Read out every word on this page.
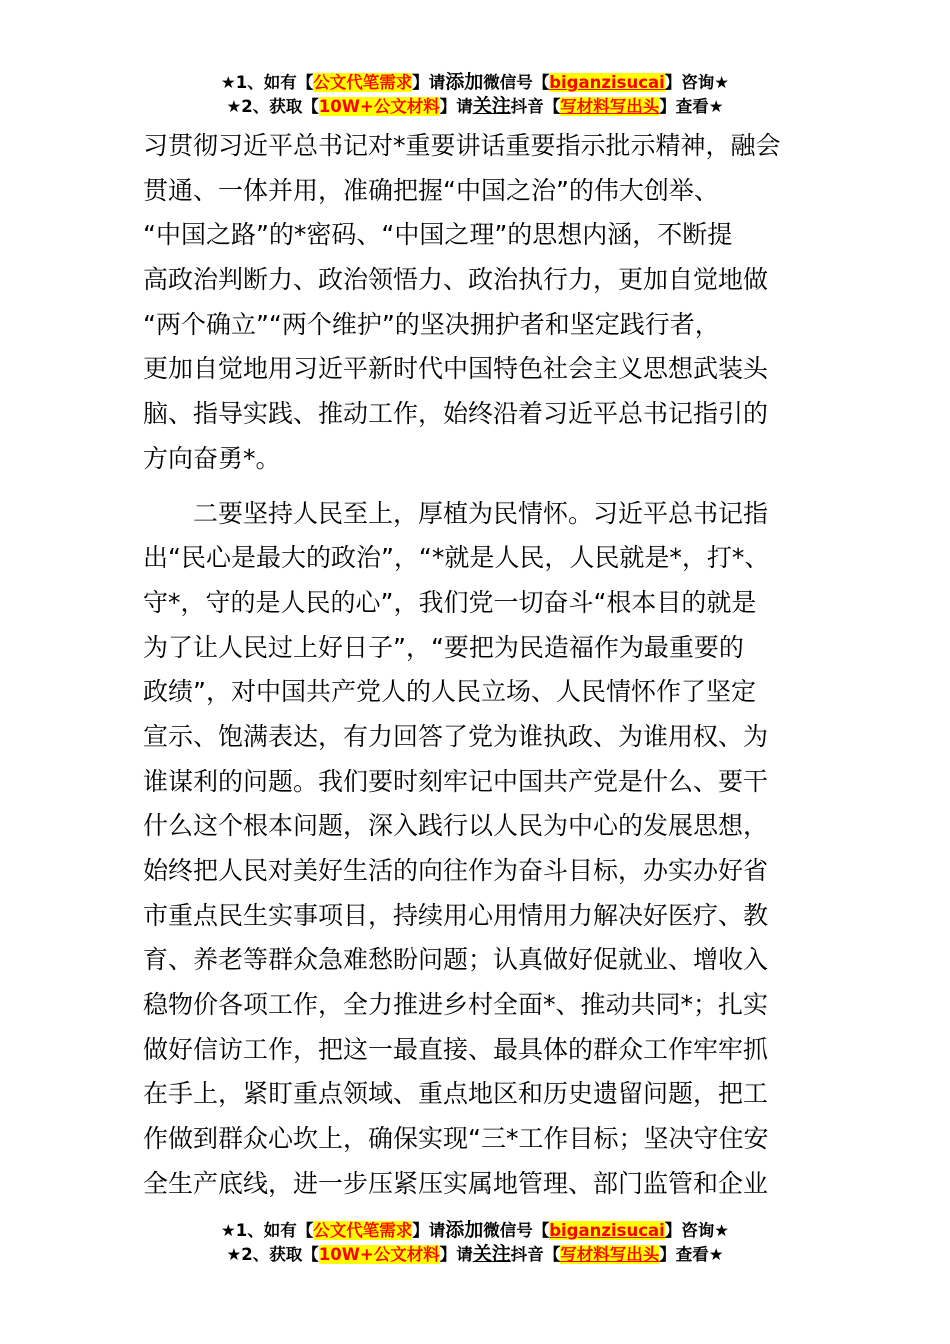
★1、如有【公文代笔需求】请添加微信号【biganzisucai】咨询★
★2、获取【10W+公文材料】请关注抖音【写材料写出头】查看★
习贯彻习近平总书记对*重要讲话重要指示批示精神，融会
贯通、一体并用，准确把握“中国之治”的伟大创举、
“中国之路”的*密码、“中国之理”的思想内涵，不断提
高政治判断力、政治领悟力、政治执行力，更加自觉地做
“两个确立”“两个维护”的坚决拥护者和坚定践行者，
更加自觉地用习近平新时代中国特色社会主义思想武装头
脑、指导实践、推动工作，始终沿着习近平总书记指引的
方向奋勇*。
二要坚持人民至上，厚植为民情怀。习近平总书记指
出“民心是最大的政治”，“*就是人民，人民就是*，打*、
守*，守的是人民的心”，我们党一切奋斗“根本目的就是
为了让人民过上好日子”，“要把为民造福作为最重要的
政绩”，对中国共产党人的人民立场、人民情怀作了坚定
宣示、饱满表达，有力回答了党为谁执政、为谁用权、为
谁谋利的问题。我们要时刻牢记中国共产党是什么、要干
什么这个根本问题，深入践行以人民为中心的发展思想，
始终把人民对美好生活的向往作为奋斗目标，办实办好省
市重点民生实事项目，持续用心用情用力解决好医疗、教
育、养老等群众急难愁盼问题；认真做好促就业、增收入
稳物价各项工作，全力推进乡村全面*、推动共同*；扎实
做好信访工作，把这一最直接、最具体的群众工作牢牢抓
在手上，紧盯重点领域、重点地区和历史遗留问题，把工
作做到群众心坎上，确保实现“三*工作目标；坚决守住安
全生产底线，进一步压紧压实属地管理、部门监管和企业
★1、如有【公文代笔需求】请添加微信号【biganzisucai】咨询★
★2、获取【10W+公文材料】请关注抖音【写材料写出头】查看★
